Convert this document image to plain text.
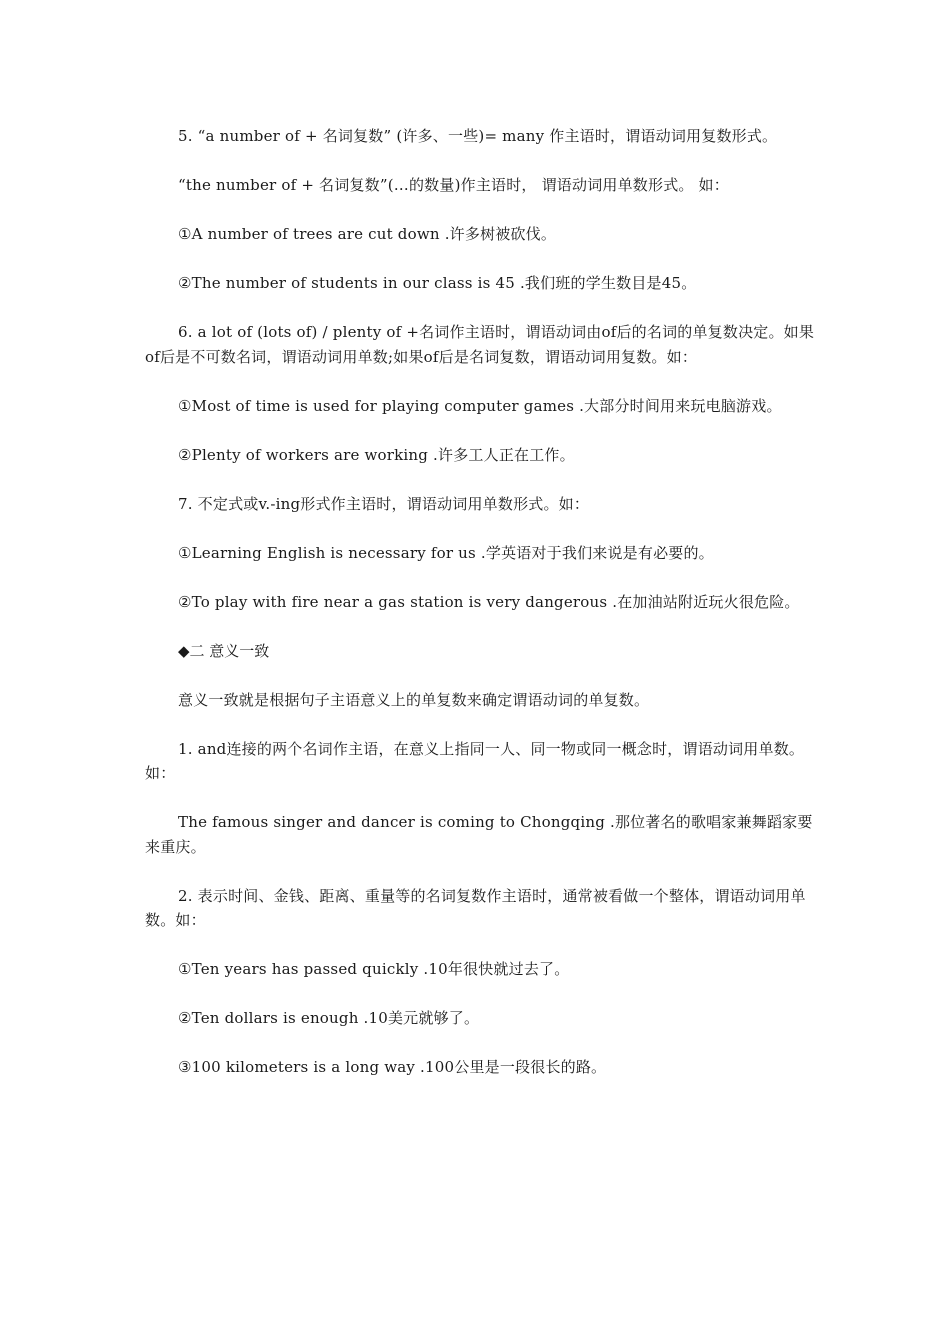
5. “a number of + 名词复数” (许多、一些)= many 作主语时，谓语动词用复数形式。

“the number of + 名词复数”(…的数量)作主语时， 谓语动词用单数形式。 如：

①A number of trees are cut down .许多树被砍伐。

②The number of students in our class is 45 .我们班的学生数目是45。

6. a lot of (lots of) / plenty of +名词作主语时，谓语动词由of后的名词的单复数决定。如果of后是不可数名词，谓语动词用单数;如果of后是名词复数，谓语动词用复数。如：

①Most of time is used for playing computer games .大部分时间用来玩电脑游戏。

②Plenty of workers are working .许多工人正在工作。

7. 不定式或v.-ing形式作主语时，谓语动词用单数形式。如：

①Learning English is necessary for us .学英语对于我们来说是有必要的。

②To play with fire near a gas station is very dangerous .在加油站附近玩火很危险。

◆二 意义一致

意义一致就是根据句子主语意义上的单复数来确定谓语动词的单复数。

1. and连接的两个名词作主语，在意义上指同一人、同一物或同一概念时，谓语动词用单数。如：

The famous singer and dancer is coming to Chongqing .那位著名的歌唱家兼舞蹈家要来重庆。

2. 表示时间、金钱、距离、重量等的名词复数作主语时，通常被看做一个整体，谓语动词用单数。如：

①Ten years has passed quickly .10年很快就过去了。

②Ten dollars is enough .10美元就够了。

③100 kilometers is a long way .100公里是一段很长的路。
